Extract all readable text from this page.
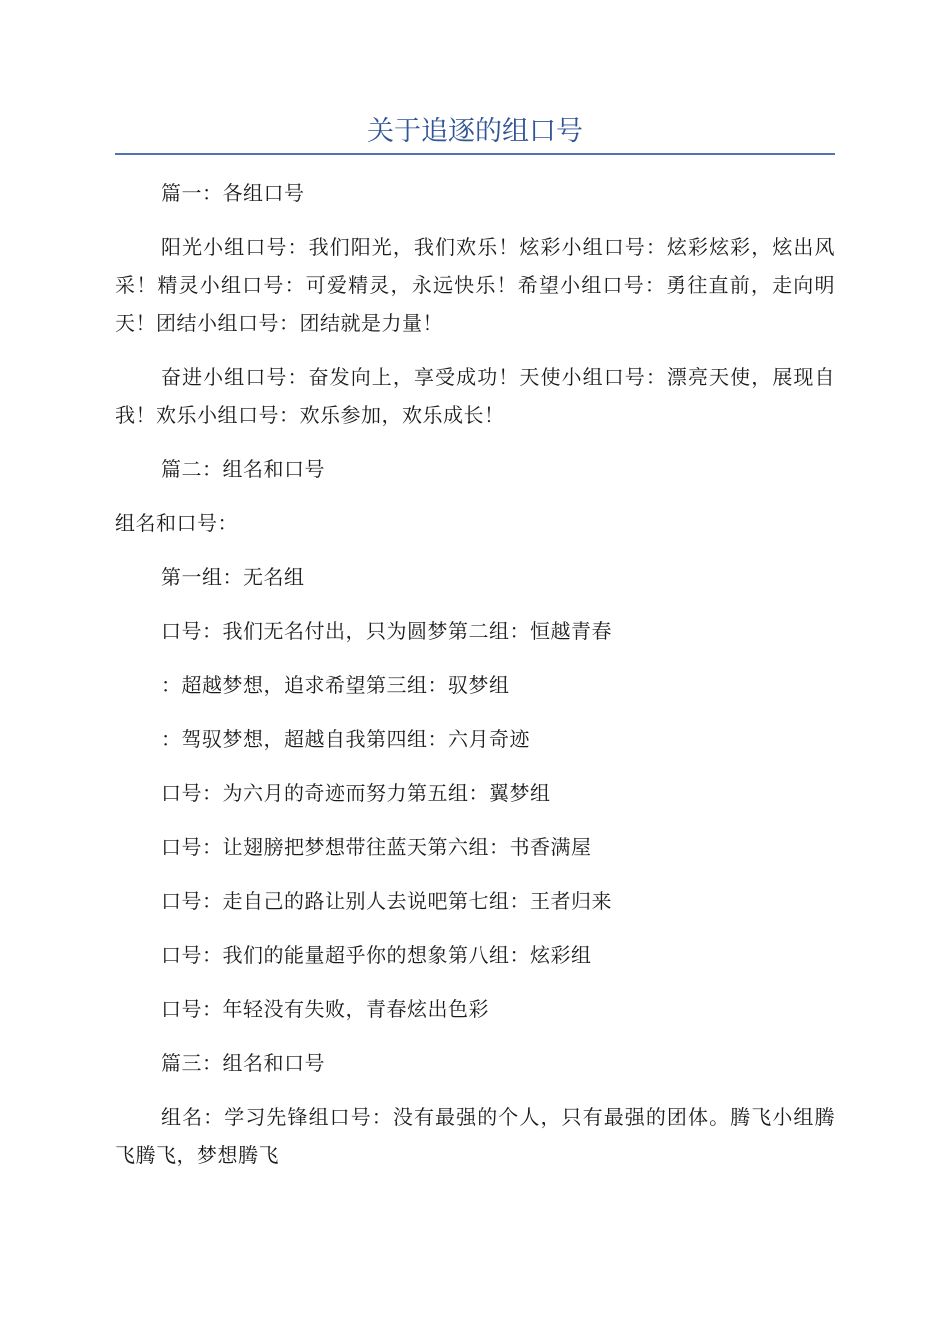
关于追逐的组口号

篇一：各组口号

阳光小组口号：我们阳光，我们欢乐！炫彩小组口号：炫彩炫彩，炫出风采！精灵小组口号：可爱精灵，永远快乐！希望小组口号：勇往直前，走向明天！团结小组口号：团结就是力量！

奋进小组口号：奋发向上，享受成功！天使小组口号：漂亮天使，展现自我！欢乐小组口号：欢乐参加，欢乐成长！

篇二：组名和口号

组名和口号：

第一组：无名组

口号：我们无名付出，只为圆梦第二组：恒越青春

：超越梦想，追求希望第三组：驭梦组

：驾驭梦想，超越自我第四组：六月奇迹

口号：为六月的奇迹而努力第五组：翼梦组

口号：让翅膀把梦想带往蓝天第六组：书香满屋

口号：走自己的路让别人去说吧第七组：王者归来

口号：我们的能量超乎你的想象第八组：炫彩组

口号：年轻没有失败，青春炫出色彩

篇三：组名和口号

组名：学习先锋组口号：没有最强的个人，只有最强的团体。腾飞小组腾飞腾飞，梦想腾飞
